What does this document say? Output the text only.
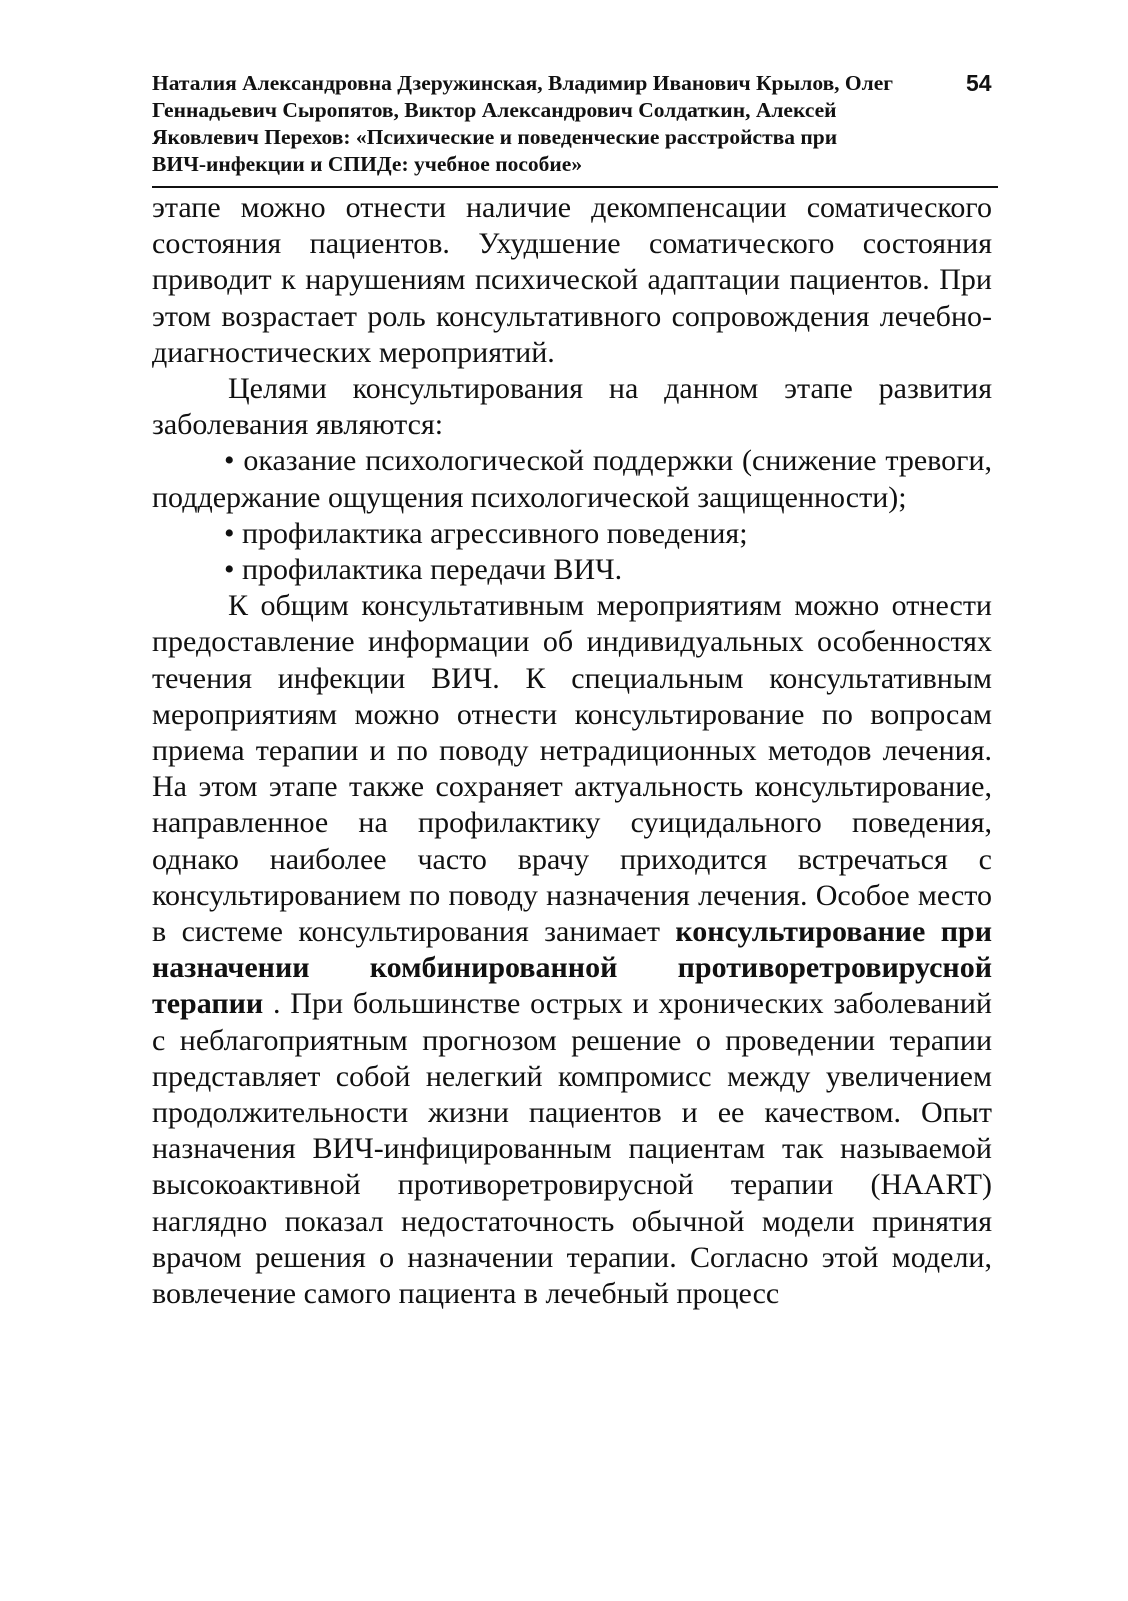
Наталия Александровна Дзеружинская, Владимир Иванович Крылов, Олег
Геннадьевич Сыропятов, Виктор Александрович Солдаткин, Алексей
Яковлевич Перехов: «Психические и поведенческие расстройства при
ВИЧ-инфекции и СПИДе: учебное пособие»
54

этапе можно отнести наличие декомпенсации соматического состояния пациентов. Ухудшение соматического состояния приводит к нарушениям психической адаптации пациентов. При этом возрастает роль консультативного сопровождения лечебно-диагностических мероприятий.

Целями консультирования на данном этапе развития заболевания являются:

• оказание психологической поддержки (снижение тревоги, поддержание ощущения психологической защищенности);

• профилактика агрессивного поведения;

• профилактика передачи ВИЧ.

К общим консультативным мероприятиям можно отнести предоставление информации об индивидуальных особенностях течения инфекции ВИЧ. К специальным консультативным мероприятиям можно отнести консультирование по вопросам приема терапии и по поводу нетрадиционных методов лечения. На этом этапе также сохраняет актуальность консультирование, направленное на профилактику суицидального поведения, однако наиболее часто врачу приходится встречаться с консультированием по поводу назначения лечения. Особое место в системе консультирования занимает консультирование при назначении комбинированной противоретровирусной терапии . При большинстве острых и хронических заболеваний с неблагоприятным прогнозом решение о проведении терапии представляет собой нелегкий компромисс между увеличением продолжительности жизни пациентов и ее качеством. Опыт назначения ВИЧ-инфицированным пациентам так называемой высокоактивной противоретровирусной терапии (HAART) наглядно показал недостаточность обычной модели принятия врачом решения о назначении терапии. Согласно этой модели, вовлечение самого пациента в лечебный процесс
